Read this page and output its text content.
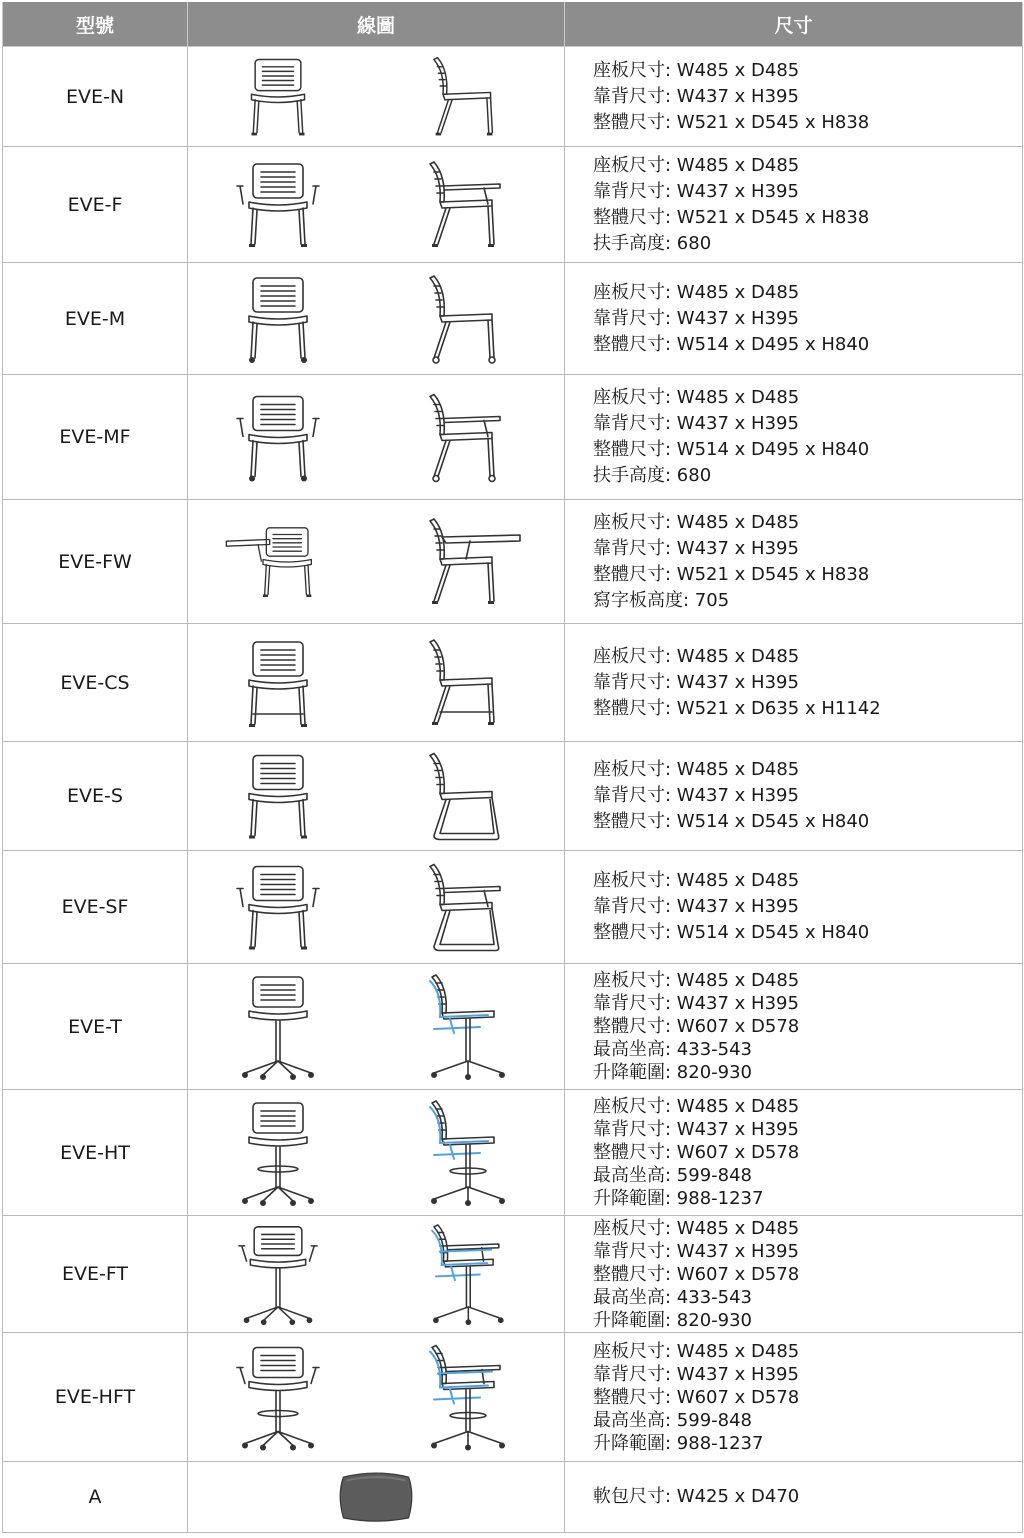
型號	線圖	尺寸
EVE-N		座板尺寸: W485 x D485
靠背尺寸: W437 x H395
整體尺寸: W521 x D545 x H838

EVE-F		座板尺寸: W485 x D485
靠背尺寸: W437 x H395
整體尺寸: W521 x D545 x H838
扶手高度: 680

EVE-M		座板尺寸: W485 x D485
靠背尺寸: W437 x H395
整體尺寸: W514 x D495 x H840

EVE-MF		座板尺寸: W485 x D485
靠背尺寸: W437 x H395
整體尺寸: W514 x D495 x H840
扶手高度: 680

EVE-FW		座板尺寸: W485 x D485
靠背尺寸: W437 x H395
整體尺寸: W521 x D545 x H838
寫字板高度: 705

EVE-CS		座板尺寸: W485 x D485
靠背尺寸: W437 x H395
整體尺寸: W521 x D635 x H1142

EVE-S		座板尺寸: W485 x D485
靠背尺寸: W437 x H395
整體尺寸: W514 x D545 x H840

EVE-SF		座板尺寸: W485 x D485
靠背尺寸: W437 x H395
整體尺寸: W514 x D545 x H840

EVE-T		座板尺寸: W485 x D485
靠背尺寸: W437 x H395
整體尺寸: W607 x D578
最高坐高: 433-543
升降範圍: 820-930

EVE-HT		座板尺寸: W485 x D485
靠背尺寸: W437 x H395
整體尺寸: W607 x D578
最高坐高: 599-848
升降範圍: 988-1237

EVE-FT		座板尺寸: W485 x D485
靠背尺寸: W437 x H395
整體尺寸: W607 x D578
最高坐高: 433-543
升降範圍: 820-930

EVE-HFT		座板尺寸: W485 x D485
靠背尺寸: W437 x H395
整體尺寸: W607 x D578
最高坐高: 599-848
升降範圍: 988-1237

A		軟包尺寸: W425 x D470
